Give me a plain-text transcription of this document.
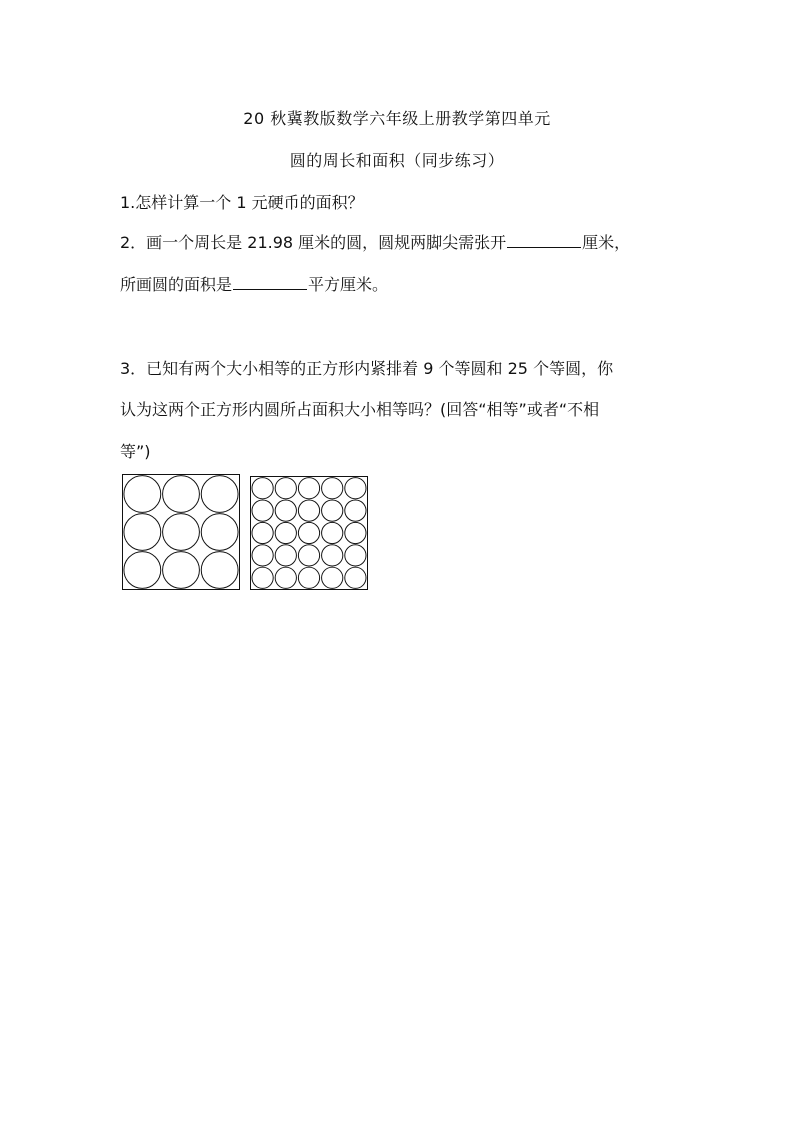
20 秋冀教版数学六年级上册教学第四单元
圆的周长和面积（同步练习）
1.怎样计算一个 1 元硬币的面积？
2．画一个周长是 21.98 厘米的圆，圆规两脚尖需张开	厘米，
所画圆的面积是	平方厘米。
3．已知有两个大小相等的正方形内紧排着 9 个等圆和 25 个等圆，你
认为这两个正方形内圆所占面积大小相等吗？(回答“相等”或者“不相
等”)
